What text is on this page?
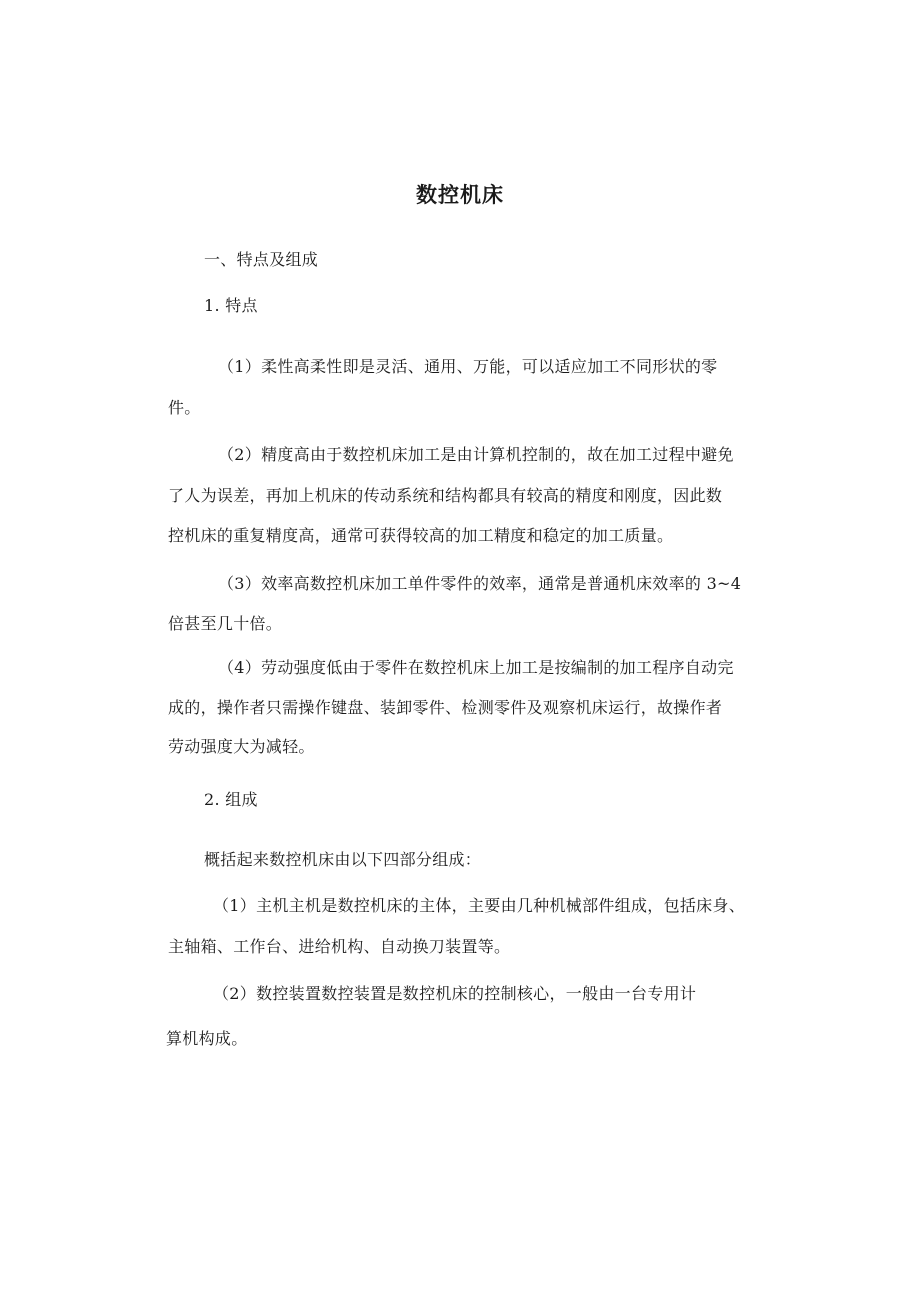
数控机床

一、特点及组成

1. 特点

（1）柔性高柔性即是灵活、通用、万能，可以适应加工不同形状的零

件。

（2）精度高由于数控机床加工是由计算机控制的，故在加工过程中避免

了人为误差，再加上机床的传动系统和结构都具有较高的精度和刚度，因此数

控机床的重复精度高，通常可获得较高的加工精度和稳定的加工质量。

（3）效率高数控机床加工单件零件的效率，通常是普通机床效率的 3~4

倍甚至几十倍。

（4）劳动强度低由于零件在数控机床上加工是按编制的加工程序自动完

成的，操作者只需操作键盘、装卸零件、检测零件及观察机床运行，故操作者

劳动强度大为减轻。

2. 组成

概括起来数控机床由以下四部分组成：

（1）主机主机是数控机床的主体，主要由几种机械部件组成，包括床身、

主轴箱、工作台、进给机构、自动换刀装置等。

（2）数控装置数控装置是数控机床的控制核心，一般由一台专用计

算机构成。
